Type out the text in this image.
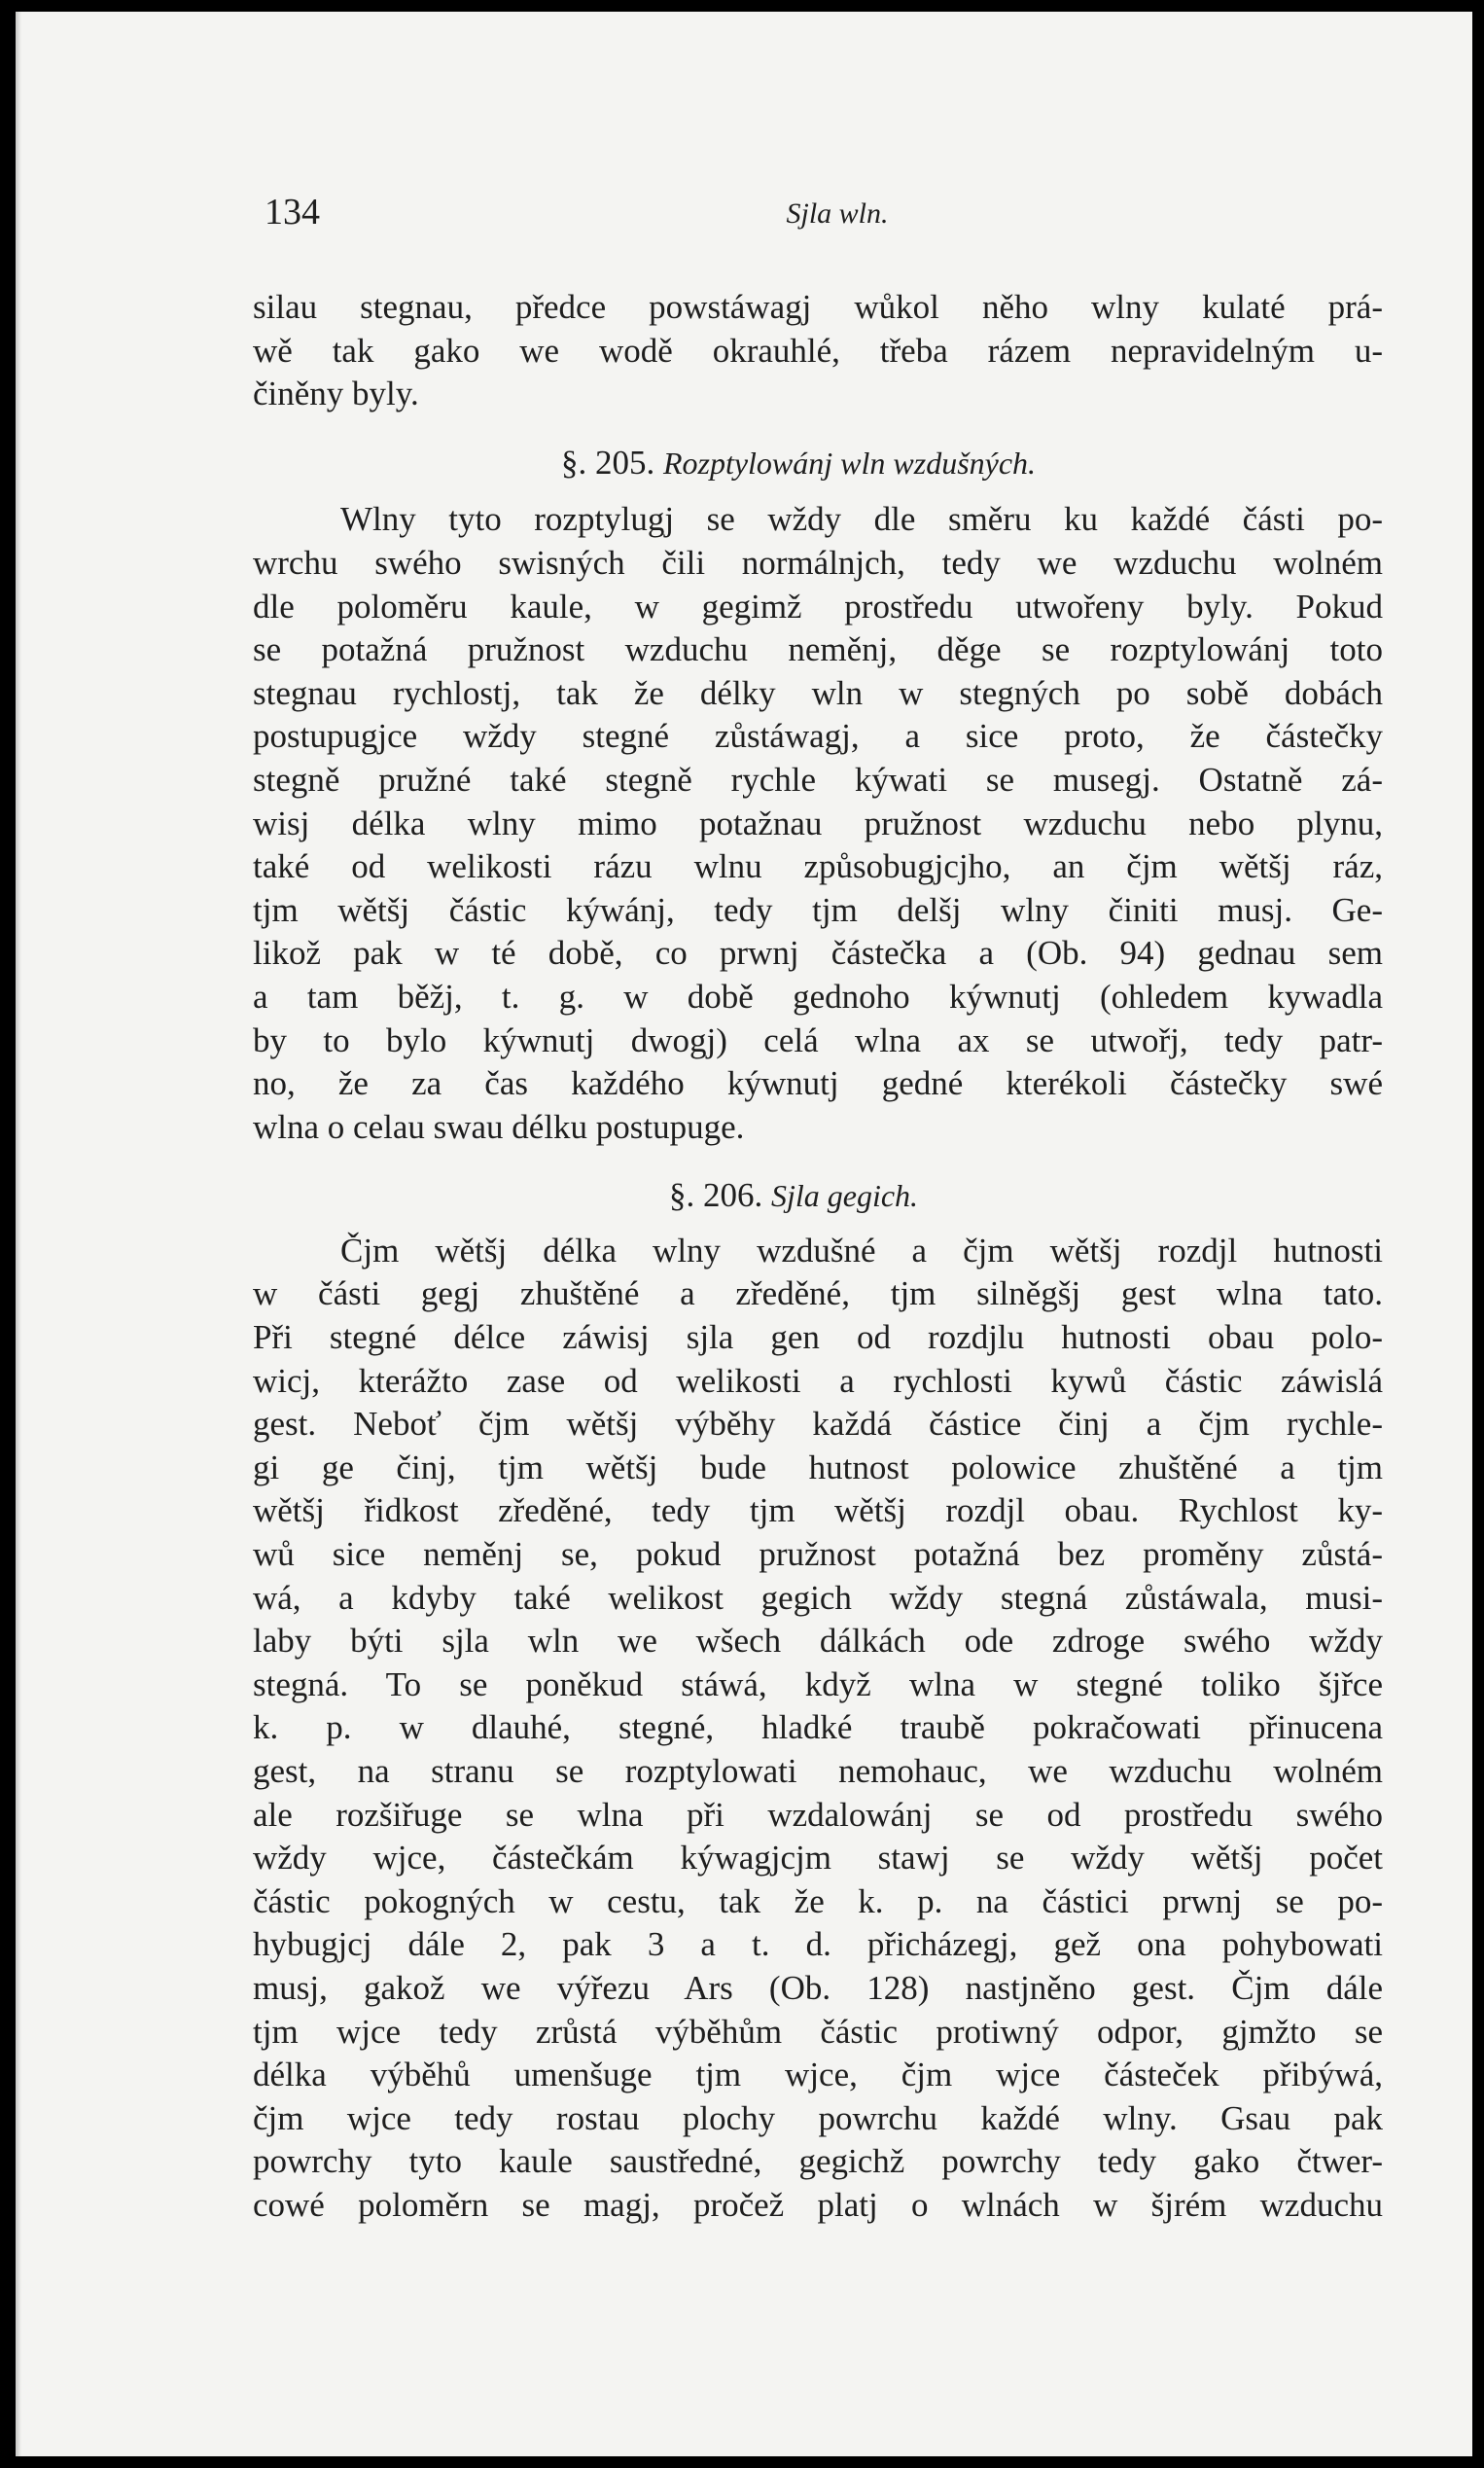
134	Sjla wln.
silau stegnau, předce powstáwagj wůkol něho wlny kulaté prá-
wě tak gako we wodě okrauhlé, třeba rázem nepravidelným u-
činěny byly.
§. 205. Rozptylowánj wln wzdušných.
Wlny tyto rozptylugj se wždy dle směru ku každé části po-
wrchu swého swisných čili normálnjch, tedy we wzduchu wolném
dle poloměru kaule, w gegimž prostředu utwořeny byly. Pokud
se potažná pružnost wzduchu neměnj, děge se rozptylowánj toto
stegnau rychlostj, tak že délky wln w stegných po sobě dobách
postupugjce wždy stegné zůstáwagj, a sice proto, že částečky
stegně pružné také stegně rychle kýwati se musegj. Ostatně zá-
wisj délka wlny mimo potažnau pružnost wzduchu nebo plynu,
také od welikosti rázu wlnu způsobugjcjho, an čjm wětšj ráz,
tjm wětšj částic kýwánj, tedy tjm delšj wlny činiti musj. Ge-
likož pak w té době, co prwnj částečka a (Ob. 94) gednau sem
a tam běžj, t. g. w době gednoho kýwnutj (ohledem kywadla
by to bylo kýwnutj dwogj) celá wlna ax se utwořj, tedy patr-
no, že za čas každého kýwnutj gedné kterékoli částečky swé
wlna o celau swau délku postupuge.
§. 206. Sjla gegich.
Čjm wětšj délka wlny wzdušné a čjm wětšj rozdjl hutnosti
w části gegj zhuštěné a zředěné, tjm silněgšj gest wlna tato.
Při stegné délce záwisj sjla gen od rozdjlu hutnosti obau polo-
wicj, kterážto zase od welikosti a rychlosti kywů částic záwislá
gest. Neboť čjm wětšj výběhy každá částice činj a čjm rychle-
gi ge činj, tjm wětšj bude hutnost polowice zhuštěné a tjm
wětšj řidkost zředěné, tedy tjm wětšj rozdjl obau. Rychlost ky-
wů sice neměnj se, pokud pružnost potažná bez proměny zůstá-
wá, a kdyby také welikost gegich wždy stegná zůstáwala, musi-
laby býti sjla wln we wšech dálkách ode zdroge swého wždy
stegná. To se poněkud stáwá, když wlna w stegné toliko šjřce
k. p. w dlauhé, stegné, hladké traubě pokračowati přinucena
gest, na stranu se rozptylowati nemohauc, we wzduchu wolném
ale rozšiřuge se wlna při wzdalowánj se od prostředu swého
wždy wjce, částečkám kýwagjcjm stawj se wždy wětšj počet
částic pokogných w cestu, tak že k. p. na částici prwnj se po-
hybugjcj dále 2, pak 3 a t. d. přicházegj, gež ona pohybowati
musj, gakož we výřezu Ars (Ob. 128) nastjněno gest. Čjm dále
tjm wjce tedy zrůstá výběhům částic protiwný odpor, gjmžto se
délka výběhů umenšuge tjm wjce, čjm wjce částeček přibýwá,
čjm wjce tedy rostau plochy powrchu každé wlny. Gsau pak
powrchy tyto kaule saustředné, gegichž powrchy tedy gako čtwer-
cowé poloměrn se magj, pročež platj o wlnách w šjrém wzduchu
